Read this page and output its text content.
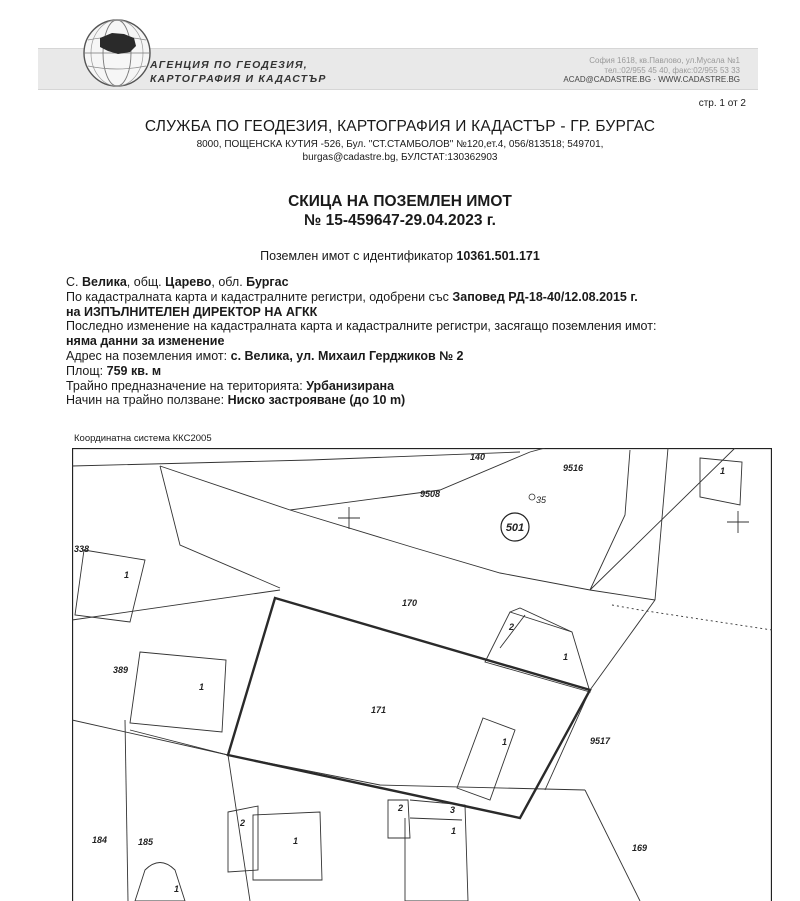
АГЕНЦИЯ ПО ГЕОДЕЗИЯ,
КАРТОГРАФИЯ И КАДАСТЪР
София 1618, кв.Павлово, ул.Мусала №1
тел.:02/955 45 40, факс:02/955 53 33
ACAD@CADASTRE.BG · WWW.CADASTRE.BG
стр. 1 от 2
СЛУЖБА ПО ГЕОДЕЗИЯ, КАРТОГРАФИЯ И КАДАСТЪР - ГР. БУРГАС
8000, ПОЩЕНСКА КУТИЯ -526, Бул. "СТ.СТАМБОЛОВ" №120,ет.4, 056/813518; 549701,
burgas@cadastre.bg, БУЛСТАТ:130362903
СКИЦА НА ПОЗЕМЛЕН ИМОТ
№ 15-459647-29.04.2023 г.
Поземлен имот с идентификатор 10361.501.171
С. Велика, общ. Царево, обл. Бургас
По кадастралната карта и кадастралните регистри, одобрени със Заповед РД-18-40/12.08.2015 г.
на ИЗПЪЛНИТЕЛЕН ДИРЕКТОР НА АГКК
Последно изменение на кадастралната карта и кадастралните регистри, засягащо поземления имот:
няма данни за изменение
Адрес на поземления имот: с. Велика, ул. Михаил Герджиков № 2
Площ: 759 кв. м
Трайно предназначение на територията: Урбанизирана
Начин на трайно ползване: Ниско застрояване (до 10 m)
Координатна система ККС2005
140
9516	1
9508
35
501
338
1
170
2
1
389
1
171
1	9517
2	3
1
2
1
184	185
169
1
